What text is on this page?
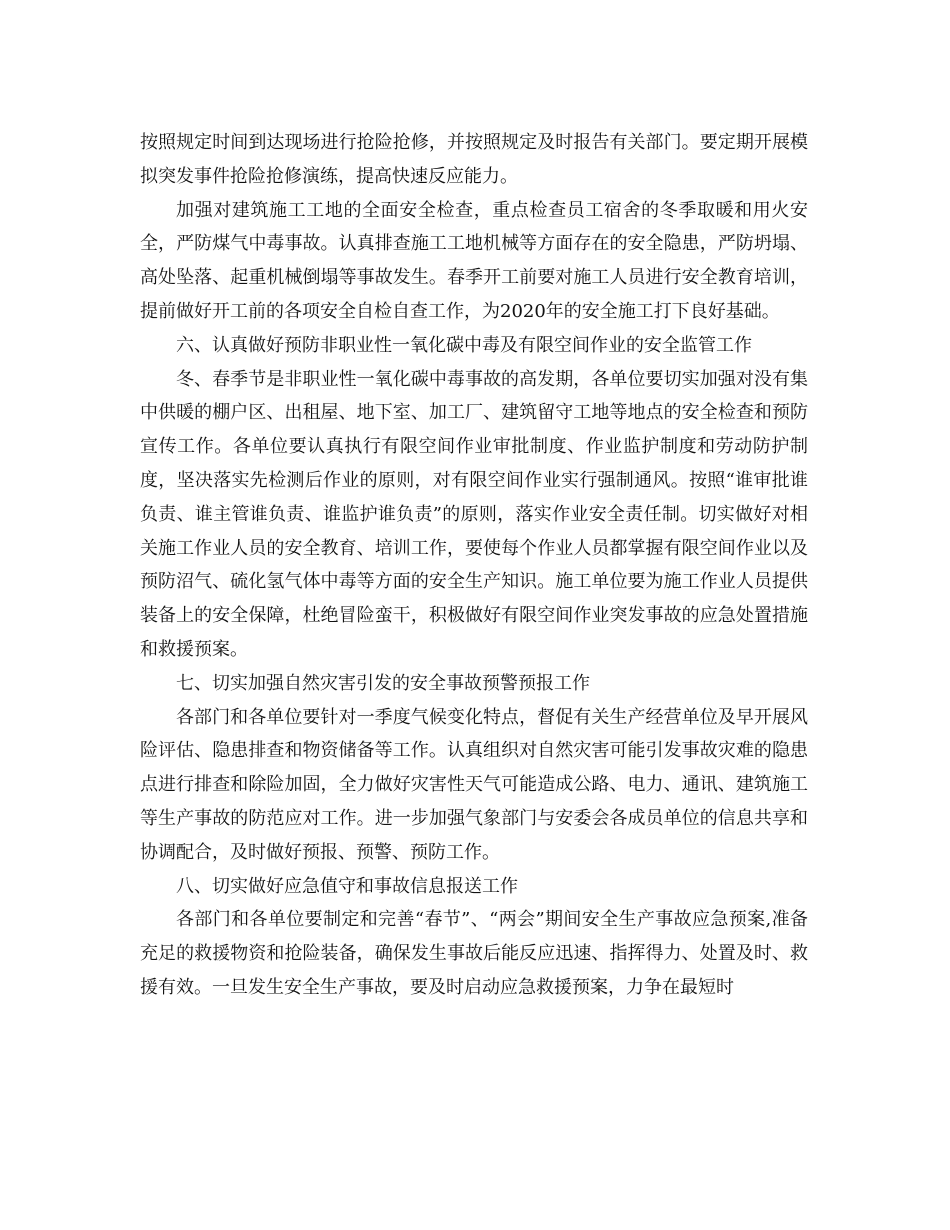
按照规定时间到达现场进行抢险抢修，并按照规定及时报告有关部门。要定期开展模拟突发事件抢险抢修演练，提高快速反应能力。

加强对建筑施工工地的全面安全检查，重点检查员工宿舍的冬季取暖和用火安全，严防煤气中毒事故。认真排查施工工地机械等方面存在的安全隐患，严防坍塌、高处坠落、起重机械倒塌等事故发生。春季开工前要对施工人员进行安全教育培训，提前做好开工前的各项安全自检自查工作，为2020年的安全施工打下良好基础。

六、认真做好预防非职业性一氧化碳中毒及有限空间作业的安全监管工作

冬、春季节是非职业性一氧化碳中毒事故的高发期，各单位要切实加强对没有集中供暖的棚户区、出租屋、地下室、加工厂、建筑留守工地等地点的安全检查和预防宣传工作。各单位要认真执行有限空间作业审批制度、作业监护制度和劳动防护制度，坚决落实先检测后作业的原则，对有限空间作业实行强制通风。按照“谁审批谁负责、谁主管谁负责、谁监护谁负责”的原则，落实作业安全责任制。切实做好对相关施工作业人员的安全教育、培训工作，要使每个作业人员都掌握有限空间作业以及预防沼气、硫化氢气体中毒等方面的安全生产知识。施工单位要为施工作业人员提供装备上的安全保障，杜绝冒险蛮干，积极做好有限空间作业突发事故的应急处置措施和救援预案。

七、切实加强自然灾害引发的安全事故预警预报工作

各部门和各单位要针对一季度气候变化特点，督促有关生产经营单位及早开展风险评估、隐患排查和物资储备等工作。认真组织对自然灾害可能引发事故灾难的隐患点进行排查和除险加固，全力做好灾害性天气可能造成公路、电力、通讯、建筑施工等生产事故的防范应对工作。进一步加强气象部门与安委会各成员单位的信息共享和协调配合，及时做好预报、预警、预防工作。

八、切实做好应急值守和事故信息报送工作

各部门和各单位要制定和完善“春节”、“两会”期间安全生产事故应急预案,准备充足的救援物资和抢险装备，确保发生事故后能反应迅速、指挥得力、处置及时、救援有效。一旦发生安全生产事故，要及时启动应急救援预案，力争在最短时
